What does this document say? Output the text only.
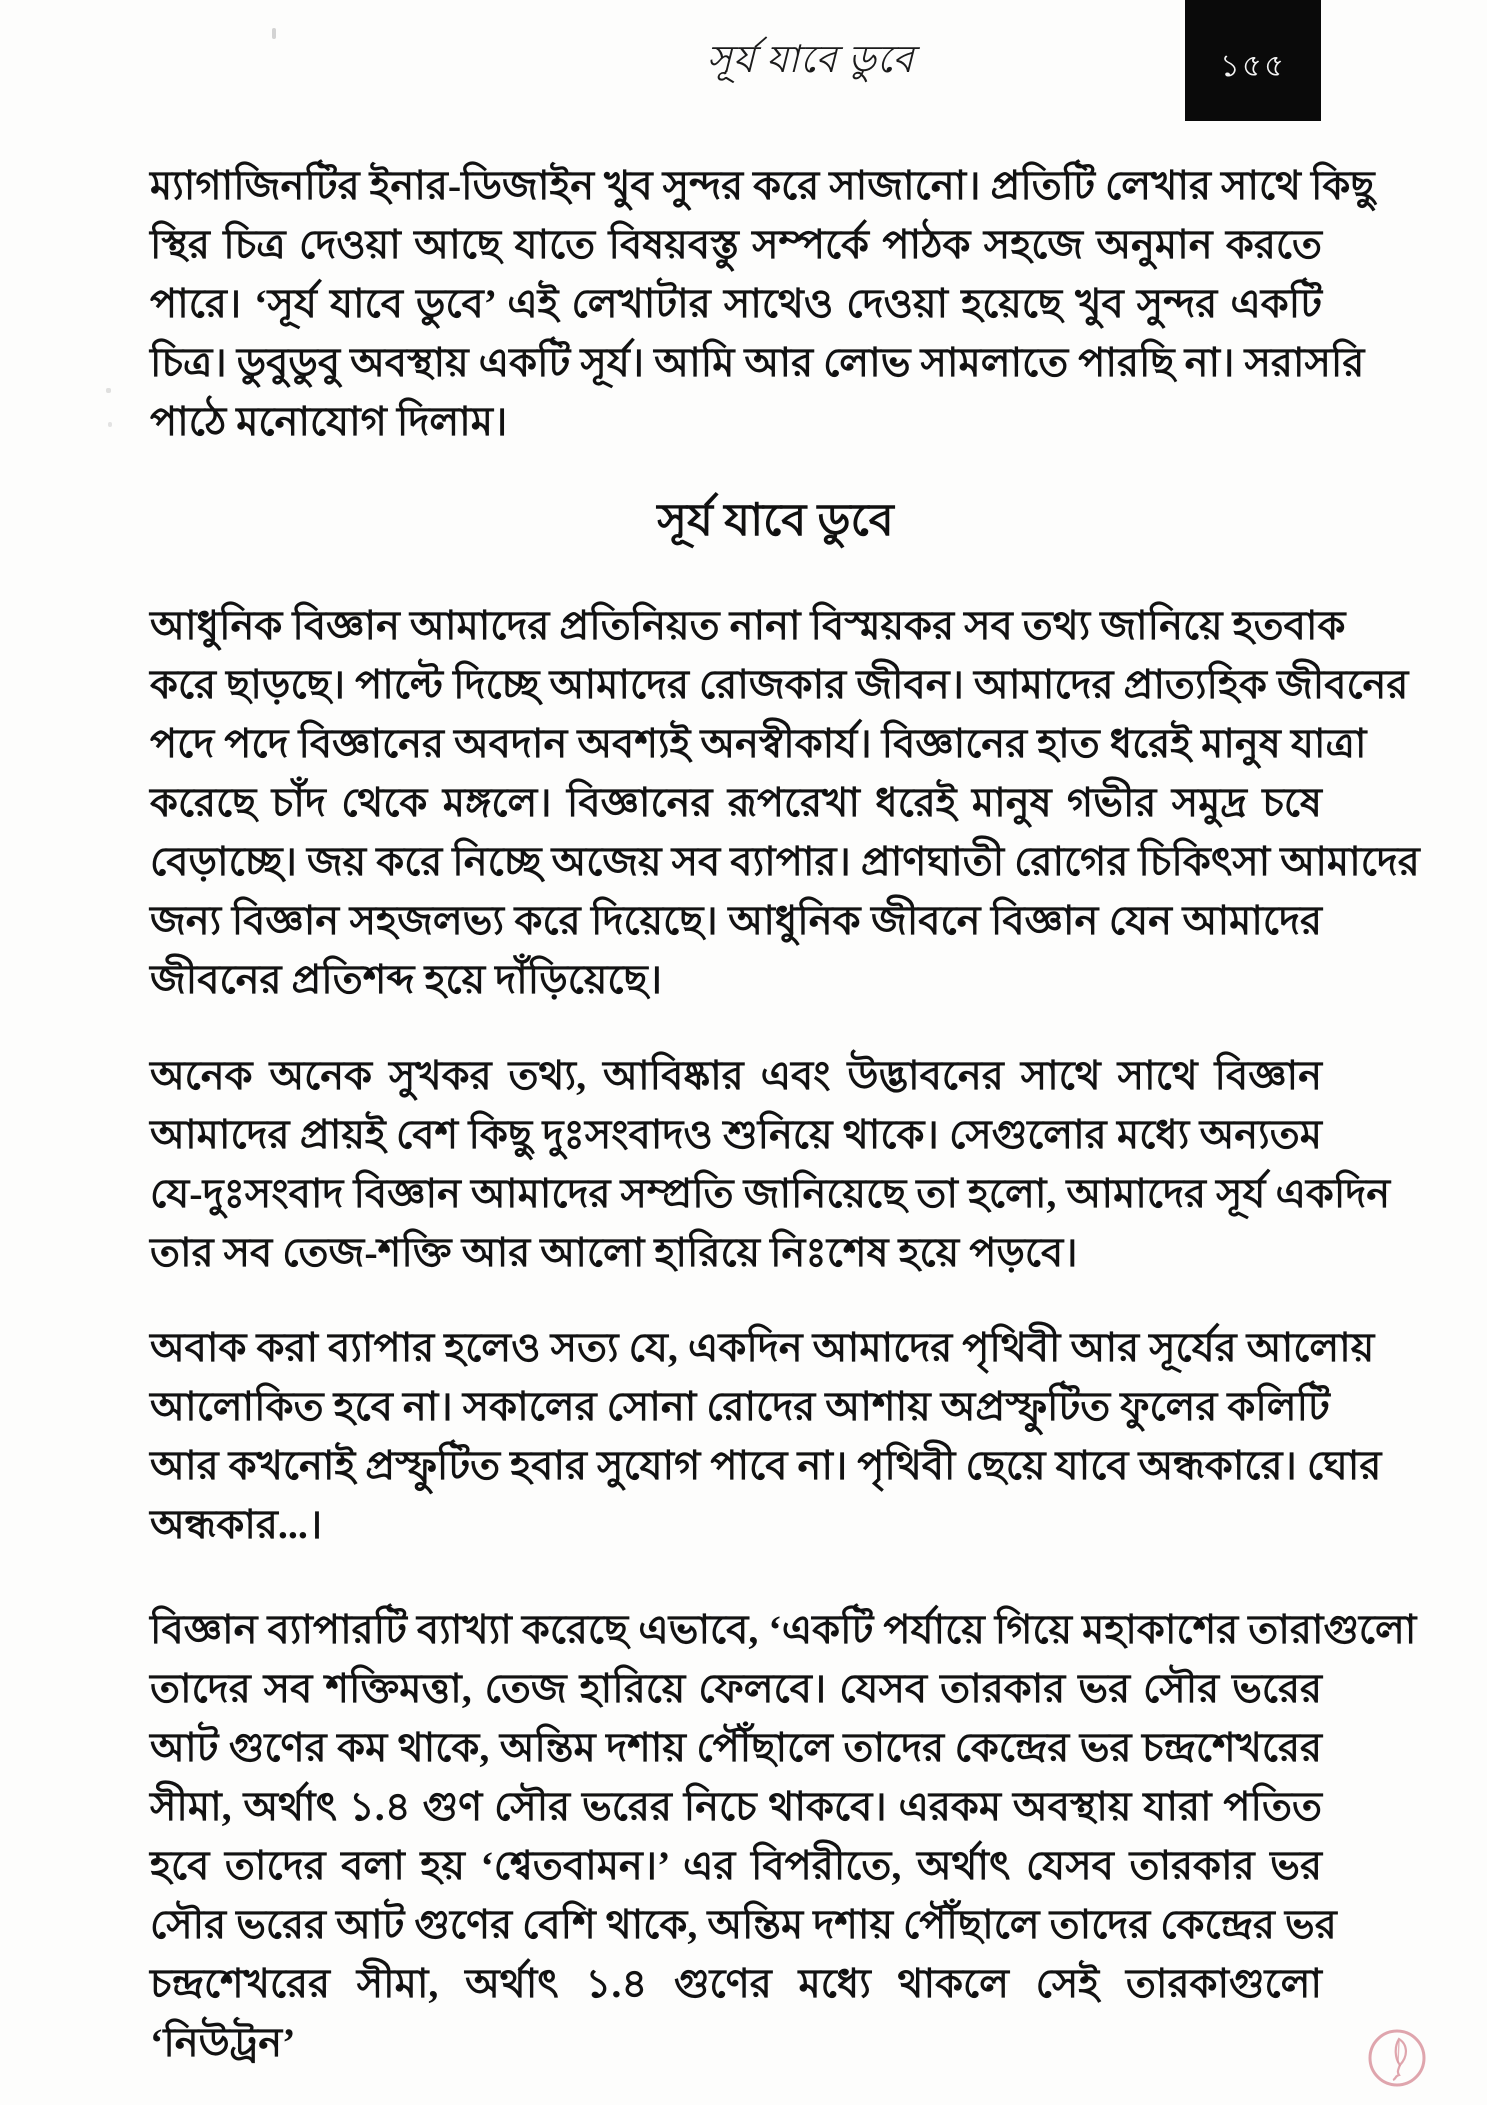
সূর্য যাবে ডুবে	১৫৫
ম্যাগাজিনটির ইনার-ডিজাইন খুব সুন্দর করে সাজানো। প্রতিটি লেখার সাথে কিছু
স্থির চিত্র দেওয়া আছে যাতে বিষয়বস্তু সম্পর্কে পাঠক সহজে অনুমান করতে
পারে। ‘সূর্য যাবে ডুবে’ এই লেখাটার সাথেও দেওয়া হয়েছে খুব সুন্দর একটি
চিত্র। ডুবুডুবু অবস্থায় একটি সূর্য। আমি আর লোভ সামলাতে পারছি না। সরাসরি
পাঠে মনোযোগ দিলাম।
সূর্য যাবে ডুবে
আধুনিক বিজ্ঞান আমাদের প্রতিনিয়ত নানা বিস্ময়কর সব তথ্য জানিয়ে হতবাক
করে ছাড়ছে। পাল্টে দিচ্ছে আমাদের রোজকার জীবন। আমাদের প্রাত্যহিক জীবনের
পদে পদে বিজ্ঞানের অবদান অবশ্যই অনস্বীকার্য। বিজ্ঞানের হাত ধরেই মানুষ যাত্রা
করেছে চাঁদ থেকে মঙ্গলে। বিজ্ঞানের রূপরেখা ধরেই মানুষ গভীর সমুদ্র চষে
বেড়াচ্ছে। জয় করে নিচ্ছে অজেয় সব ব্যাপার। প্রাণঘাতী রোগের চিকিৎসা আমাদের
জন্য বিজ্ঞান সহজলভ্য করে দিয়েছে। আধুনিক জীবনে বিজ্ঞান যেন আমাদের
জীবনের প্রতিশব্দ হয়ে দাঁড়িয়েছে।
অনেক অনেক সুখকর তথ্য, আবিষ্কার এবং উদ্ভাবনের সাথে সাথে বিজ্ঞান
আমাদের প্রায়ই বেশ কিছু দুঃসংবাদও শুনিয়ে থাকে। সেগুলোর মধ্যে অন্যতম
যে-দুঃসংবাদ বিজ্ঞান আমাদের সম্প্রতি জানিয়েছে তা হলো, আমাদের সূর্য একদিন
তার সব তেজ-শক্তি আর আলো হারিয়ে নিঃশেষ হয়ে পড়বে।
অবাক করা ব্যাপার হলেও সত্য যে, একদিন আমাদের পৃথিবী আর সূর্যের আলোয়
আলোকিত হবে না। সকালের সোনা রোদের আশায় অপ্রস্ফুটিত ফুলের কলিটি
আর কখনোই প্রস্ফুটিত হবার সুযোগ পাবে না। পৃথিবী ছেয়ে যাবে অন্ধকারে। ঘোর
অন্ধকার...।
বিজ্ঞান ব্যাপারটি ব্যাখ্যা করেছে এভাবে, ‘একটি পর্যায়ে গিয়ে মহাকাশের তারাগুলো
তাদের সব শক্তিমত্তা, তেজ হারিয়ে ফেলবে। যেসব তারকার ভর সৌর ভরের
আট গুণের কম থাকে, অন্তিম দশায় পৌঁছালে তাদের কেন্দ্রের ভর চন্দ্রশেখরের
সীমা, অর্থাৎ ১.৪ গুণ সৌর ভরের নিচে থাকবে। এরকম অবস্থায় যারা পতিত
হবে তাদের বলা হয় ‘শ্বেতবামন।’ এর বিপরীতে, অর্থাৎ যেসব তারকার ভর
সৌর ভরের আট গুণের বেশি থাকে, অন্তিম দশায় পৌঁছালে তাদের কেন্দ্রের ভর
চন্দ্রশেখরের সীমা, অর্থাৎ ১.৪ গুণের মধ্যে থাকলে সেই তারকাগুলো ‘নিউট্রন’
